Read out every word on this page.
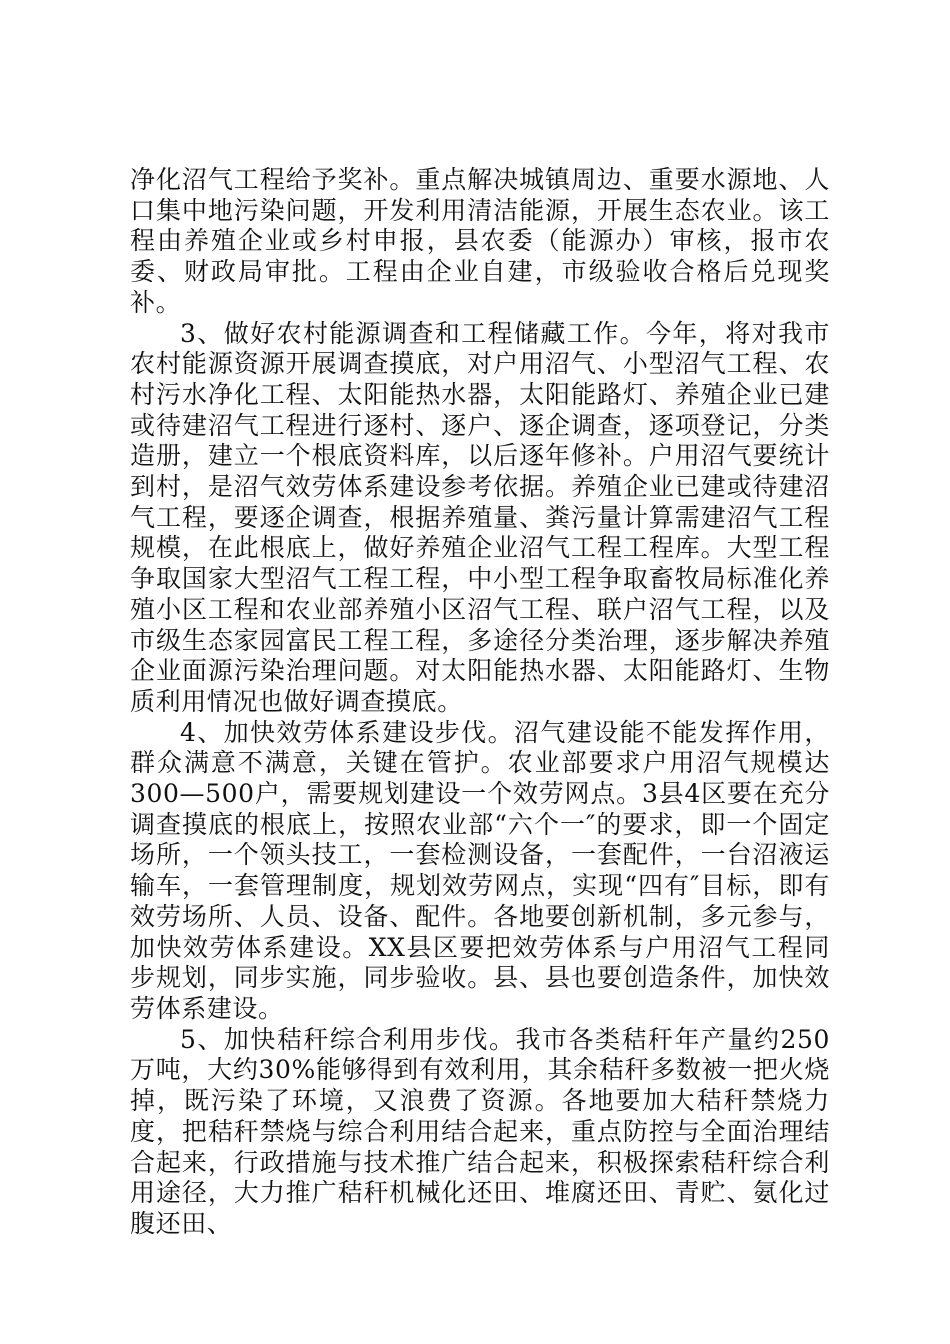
净化沼气工程给予奖补。重点解决城镇周边、重要水源地、人口集中地污染问题，开发利用清洁能源，开展生态农业。该工程由养殖企业或乡村申报，县农委（能源办）审核，报市农委、财政局审批。工程由企业自建，市级验收合格后兑现奖补。

3、做好农村能源调查和工程储藏工作。今年，将对我市农村能源资源开展调查摸底，对户用沼气、小型沼气工程、农村污水净化工程、太阳能热水器，太阳能路灯、养殖企业已建或待建沼气工程进行逐村、逐户、逐企调查，逐项登记，分类造册，建立一个根底资料库，以后逐年修补。户用沼气要统计到村，是沼气效劳体系建设参考依据。养殖企业已建或待建沼气工程，要逐企调查，根据养殖量、粪污量计算需建沼气工程规模，在此根底上，做好养殖企业沼气工程工程库。大型工程争取国家大型沼气工程工程，中小型工程争取畜牧局标准化养殖小区工程和农业部养殖小区沼气工程、联户沼气工程，以及市级生态家园富民工程工程，多途径分类治理，逐步解决养殖企业面源污染治理问题。对太阳能热水器、太阳能路灯、生物质利用情况也做好调查摸底。

4、加快效劳体系建设步伐。沼气建设能不能发挥作用，群众满意不满意，关键在管护。农业部要求户用沼气规模达300—500户，需要规划建设一个效劳网点。3县4区要在充分调查摸底的根底上，按照农业部“六个一″的要求，即一个固定场所，一个领头技工，一套检测设备，一套配件，一台沼液运输车，一套管理制度，规划效劳网点，实现“四有″目标，即有效劳场所、人员、设备、配件。各地要创新机制，多元参与，加快效劳体系建设。XX县区要把效劳体系与户用沼气工程同步规划，同步实施，同步验收。县、县也要创造条件，加快效劳体系建设。

5、加快秸秆综合利用步伐。我市各类秸秆年产量约250万吨，大约30%能够得到有效利用，其余秸秆多数被一把火烧掉，既污染了环境，又浪费了资源。各地要加大秸秆禁烧力度，把秸秆禁烧与综合利用结合起来，重点防控与全面治理结合起来，行政措施与技术推广结合起来，积极探索秸秆综合利用途径，大力推广秸秆机械化还田、堆腐还田、青贮、氨化过腹还田、
